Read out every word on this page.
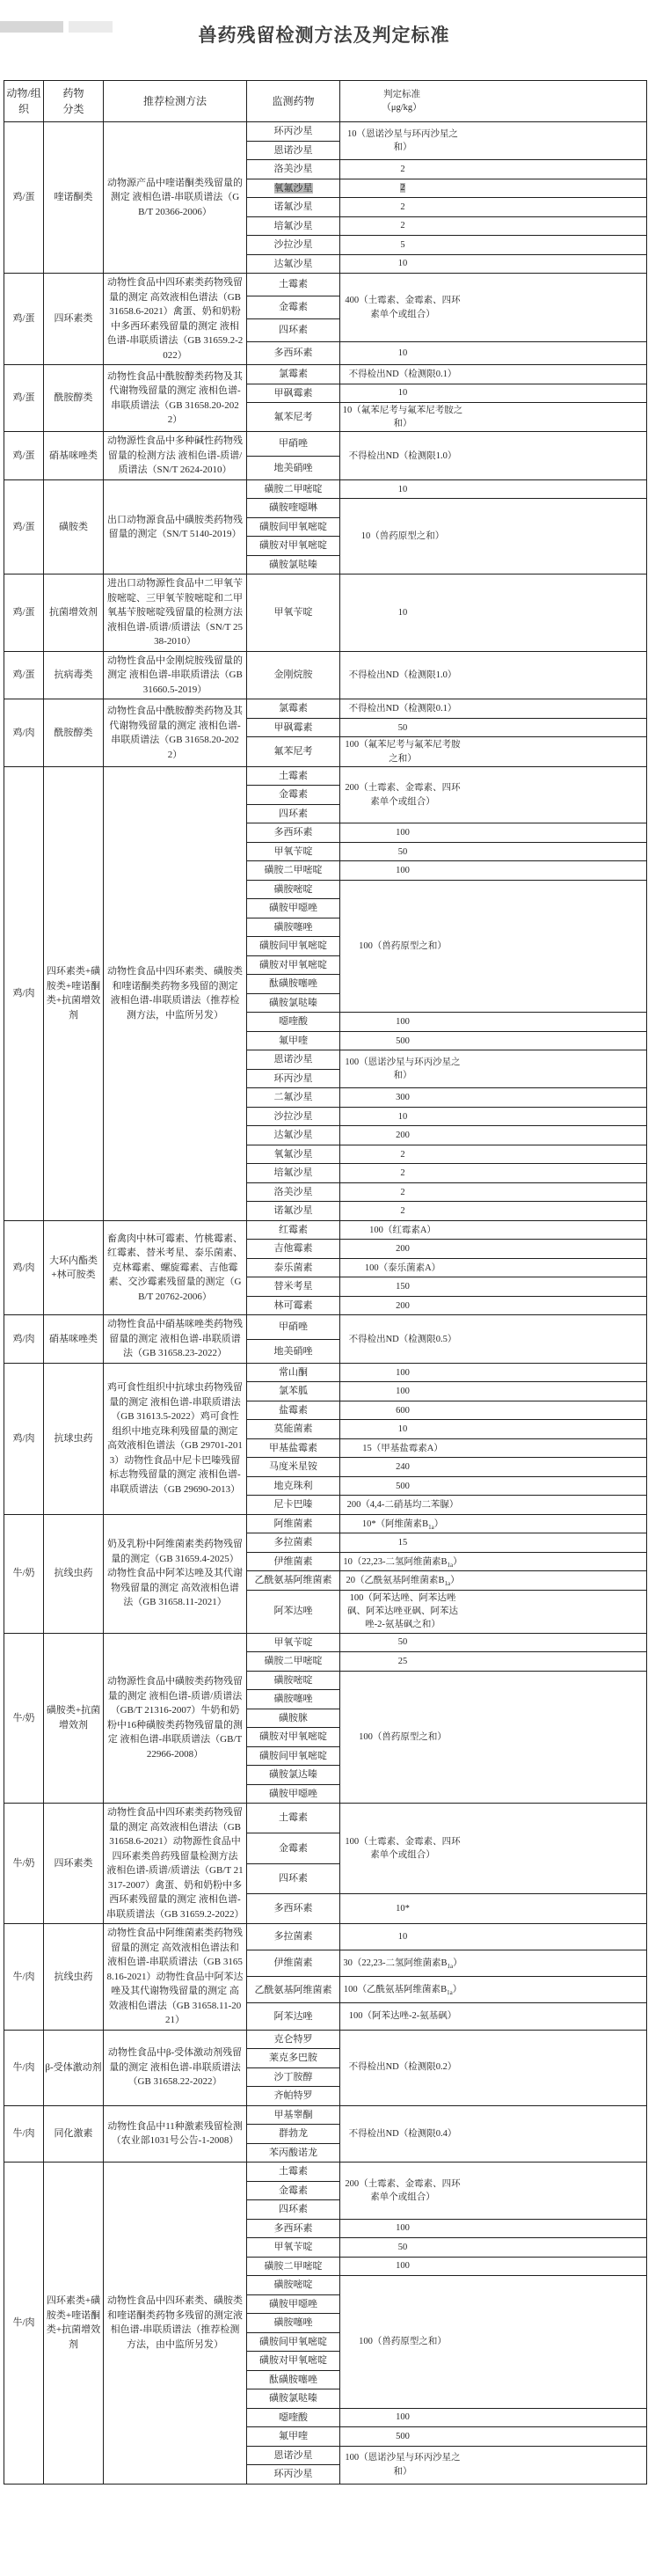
兽药残留检测方法及判定标准
动物/组织	药物分类	推荐检测方法	监测药物	判定标准
（μg/kg）

鸡/蛋	喹诺酮类	动物源产品中喹诺酮类残留量的测定 液相色谱-串联质谱法（GB/T 20366-2006）	环丙沙星	10（恩诺沙星与环丙沙星之和）

			恩诺沙星	
			洛美沙星	2

			氧氟沙星	2

			诺氟沙星	2

			培氟沙星	2

			沙拉沙星	5

			达氟沙星	10

鸡/蛋	四环素类	动物性食品中四环素类药物残留量的测定 高效液相色谱法（GB 31658.6-2021）禽蛋、奶和奶粉中多西环素残留量的测定 液相色谱-串联质谱法（GB 31659.2-2022）	土霉素	400（土霉素、金霉素、四环素单个或组合）

			金霉素	
			四环素	
			多西环素	10

鸡/蛋	酰胺醇类	动物性食品中酰胺醇类药物及其代谢物残留量的测定 液相色谱-串联质谱法（GB 31658.20-2022）	氯霉素	不得检出ND（检测限0.1）

			甲砜霉素	10

			氟苯尼考	10（氟苯尼考与氟苯尼考胺之和）

鸡/蛋	硝基咪唑类	动物源性食品中多种碱性药物残留量的检测方法 液相色谱-质谱/质谱法（SN/T 2624-2010）	甲硝唑	不得检出ND（检测限1.0）

			地美硝唑	
鸡/蛋	磺胺类	出口动物源食品中磺胺类药物残留量的测定（SN/T 5140-2019）	磺胺二甲嘧啶	10

			磺胺喹噁啉	10（兽药原型之和）

			磺胺间甲氧嘧啶	
			磺胺对甲氧嘧啶	
			磺胺氯哒嗪	
鸡/蛋	抗菌增效剂	进出口动物源性食品中二甲氧苄胺嘧啶、三甲氧苄胺嘧啶和二甲氧基苄胺嘧啶残留量的检测方法 液相色谱-质谱/质谱法（SN/T 2538-2010）	甲氧苄啶	10

鸡/蛋	抗病毒类	动物性食品中金刚烷胺残留量的测定 液相色谱-串联质谱法（GB 31660.5-2019）	金刚烷胺	不得检出ND（检测限1.0）

鸡/肉	酰胺醇类	动物性食品中酰胺醇类药物及其代谢物残留量的测定 液相色谱-串联质谱法（GB 31658.20-2022）	氯霉素	不得检出ND（检测限0.1）

			甲砜霉素	50

			氟苯尼考	100（氟苯尼考与氟苯尼考胺之和）

鸡/肉	四环素类+磺胺类+喹诺酮类+抗菌增效剂	动物性食品中四环素类、磺胺类和喹诺酮类药物多残留的测定 液相色谱-串联质谱法（推荐检测方法，中监所另发）	土霉素	200（土霉素、金霉素、四环素单个或组合）

			金霉素	
			四环素	
			多西环素	100

			甲氧苄啶	50

			磺胺二甲嘧啶	100

			磺胺嘧啶	100（兽药原型之和）

			磺胺甲噁唑	
			磺胺噻唑	
			磺胺间甲氧嘧啶	
			磺胺对甲氧嘧啶	
			酞磺胺噻唑	
			磺胺氯哒嗪	
			噁喹酸	100

			氟甲喹	500

			恩诺沙星	100（恩诺沙星与环丙沙星之和）

			环丙沙星	
			二氟沙星	300

			沙拉沙星	10

			达氟沙星	200

			氧氟沙星	2

			培氟沙星	2

			洛美沙星	2

			诺氟沙星	2

鸡/肉	大环内酯类+林可胺类	畜禽肉中林可霉素、竹桃霉素、红霉素、替米考星、泰乐菌素、克林霉素、螺旋霉素、吉他霉素、交沙霉素残留量的测定（GB/T 20762-2006）	红霉素	100（红霉素A）

			吉他霉素	200

			泰乐菌素	100（泰乐菌素A）

			替米考星	150

			林可霉素	200

鸡/肉	硝基咪唑类	动物性食品中硝基咪唑类药物残留量的测定 液相色谱-串联质谱法（GB 31658.23-2022）	甲硝唑	不得检出ND（检测限0.5）

			地美硝唑	
鸡/肉	抗球虫药	鸡可食性组织中抗球虫药物残留量的测定 液相色谱-串联质谱法（GB 31613.5-2022）鸡可食性组织中地克珠利残留量的测定 高效液相色谱法（GB 29701-2013）动物性食品中尼卡巴嗪残留标志物残留量的测定 液相色谱-串联质谱法（GB 29690-2013）	常山酮	100

			氯苯胍	100

			盐霉素	600

			莫能菌素	10

			甲基盐霉素	15（甲基盐霉素A）

			马度米星铵	240

			地克珠利	500

			尼卡巴嗪	200（4,4-二硝基均二苯脲）

牛/奶	抗线虫药	奶及乳粉中阿维菌素类药物残留量的测定（GB 31659.4-2025）动物性食品中阿苯达唑及其代谢物残留量的测定 高效液相色谱法（GB 31658.11-2021）	阿维菌素	10*（阿维菌素$B_{1a}$）

			多拉菌素	15

			伊维菌素	10（22,23-二氢阿维菌素$B_{1a}$）

			乙酰氨基阿维菌素	20（乙酰氨基阿维菌素$B_{1a}$）

			阿苯达唑	100（阿苯达唑、阿苯达唑砜、阿苯达唑亚砜、阿苯达唑-2-氨基砜之和）

牛/奶	磺胺类+抗菌增效剂	动物源性食品中磺胺类药物残留量的测定 液相色谱-质谱/质谱法（GB/T 21316-2007）牛奶和奶粉中16种磺胺类药物残留量的测定 液相色谱-串联质谱法（GB/T 22966-2008）	甲氧苄啶	50

			磺胺二甲嘧啶	25

			磺胺嘧啶	100（兽药原型之和）

			磺胺噻唑	
			磺胺脒	
			磺胺对甲氧嘧啶	
			磺胺间甲氧嘧啶	
			磺胺氯达嗪	
			磺胺甲噁唑	
牛/奶	四环素类	动物性食品中四环素类药物残留量的测定 高效液相色谱法（GB 31658.6-2021）动物源性食品中四环素类兽药残留量检测方法 液相色谱-质谱/质谱法（GB/T 21317-2007）禽蛋、奶和奶粉中多西环素残留量的测定 液相色谱-串联质谱法（GB 31659.2-2022）	土霉素	100（土霉素、金霉素、四环素单个或组合）

			金霉素	
			四环素	
			多西环素	10*

牛/肉	抗线虫药	动物性食品中阿维菌素类药物残留量的测定 高效液相色谱法和液相色谱-串联质谱法（GB 31658.16-2021）动物性食品中阿苯达唑及其代谢物残留量的测定 高效液相色谱法（GB 31658.11-2021）	多拉菌素	10

			伊维菌素	30（22,23-二氢阿维菌素$B_{1a}$）

			乙酰氨基阿维菌素	100（乙酰氨基阿维菌素$B_{1a}$）

			阿苯达唑	100（阿苯达唑-2-氨基砜）

牛/肉	β-受体激动剂	动物性食品中β-受体激动剂残留量的测定 液相色谱-串联质谱法 （GB 31658.22-2022）	克仑特罗	不得检出ND（检测限0.2）

			莱克多巴胺	
			沙丁胺醇	
			齐帕特罗	
牛/肉	同化激素	动物性食品中11种激素残留检测（农业部1031号公告-1-2008）	甲基睾酮	不得检出ND（检测限0.4）

			群勃龙	
			苯丙酸诺龙	
牛/肉	四环素类+磺胺类+喹诺酮类+抗菌增效剂	动物性食品中四环素类、磺胺类和喹诺酮类药物多残留的测定液相色谱-串联质谱法（推荐检测方法，由中监所另发）	土霉素	200（土霉素、金霉素、四环素单个或组合）

			金霉素	
			四环素	
			多西环素	100

			甲氧苄啶	50

			磺胺二甲嘧啶	100

			磺胺嘧啶	100（兽药原型之和）

			磺胺甲噁唑	
			磺胺噻唑	
			磺胺间甲氧嘧啶	
			磺胺对甲氧嘧啶	
			酞磺胺噻唑	
			磺胺氯哒嗪	
			噁喹酸	100

			氟甲喹	500

			恩诺沙星	100（恩诺沙星与环丙沙星之和）

			环丙沙星	
